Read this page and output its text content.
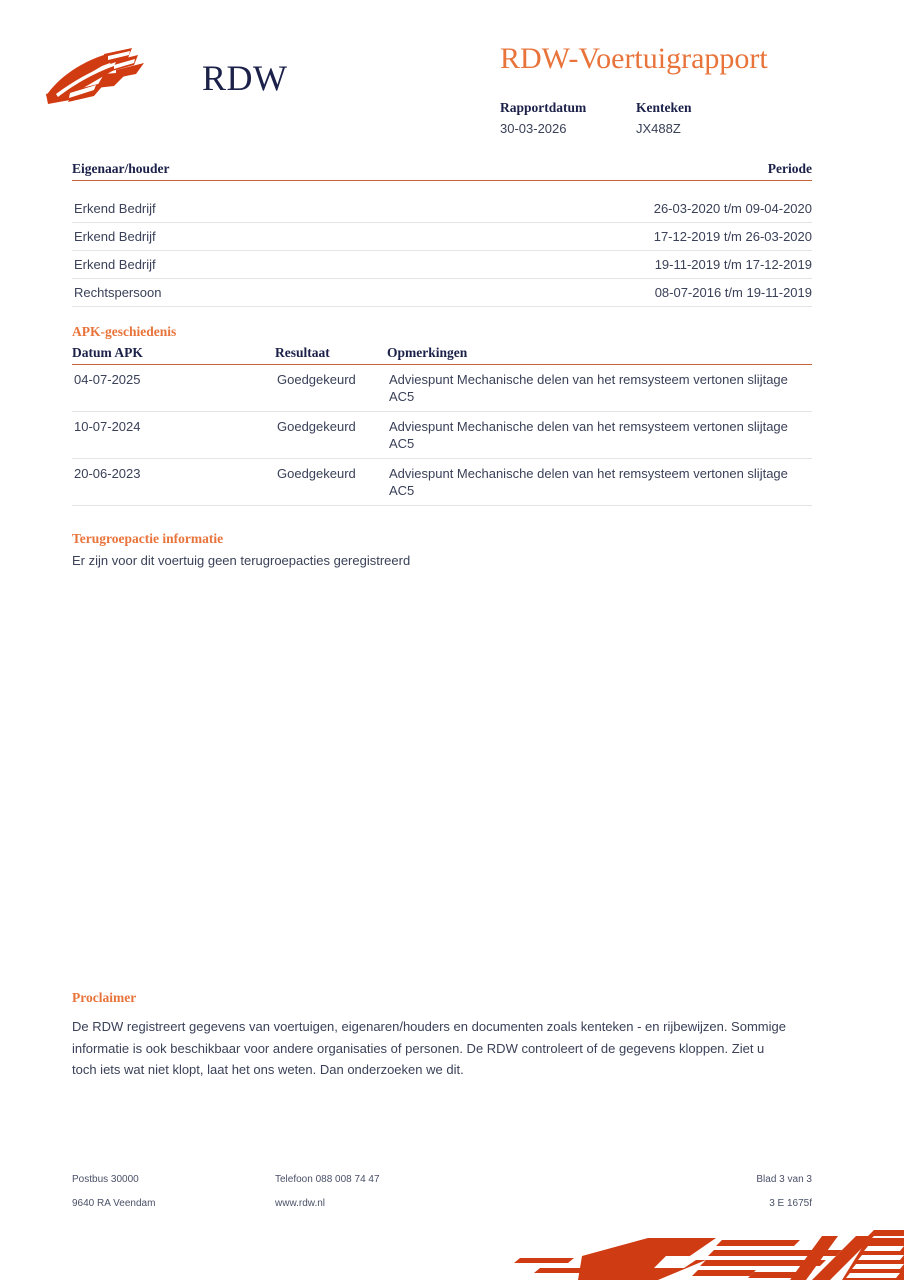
RDW	RDW-Voertuigrapport
Rapportdatum	Kenteken
30-03-2026	JX488Z
Eigenaar/houder	Periode
Erkend Bedrijf	26-03-2020 t/m 09-04-2020
Erkend Bedrijf	17-12-2019 t/m 26-03-2020
Erkend Bedrijf	19-11-2019 t/m 17-12-2019
Rechtspersoon	08-07-2016 t/m 19-11-2019
APK-geschiedenis
Datum APK	Resultaat	Opmerkingen
04-07-2025	Goedgekeurd	Adviespunt Mechanische delen van het remsysteem vertonen slijtage AC5
10-07-2024	Goedgekeurd	Adviespunt Mechanische delen van het remsysteem vertonen slijtage AC5
20-06-2023	Goedgekeurd	Adviespunt Mechanische delen van het remsysteem vertonen slijtage AC5
Terugroepactie informatie
Er zijn voor dit voertuig geen terugroepacties geregistreerd
Proclaimer
De RDW registreert gegevens van voertuigen, eigenaren/houders en documenten zoals kenteken - en rijbewijzen. Sommige informatie is ook beschikbaar voor andere organisaties of personen. De RDW controleert of de gegevens kloppen. Ziet u toch iets wat niet klopt, laat het ons weten. Dan onderzoeken we dit.
Postbus 30000	Telefoon 088 008 74 47	Blad 3 van 3
9640 RA Veendam	www.rdw.nl	3 E 1675f
